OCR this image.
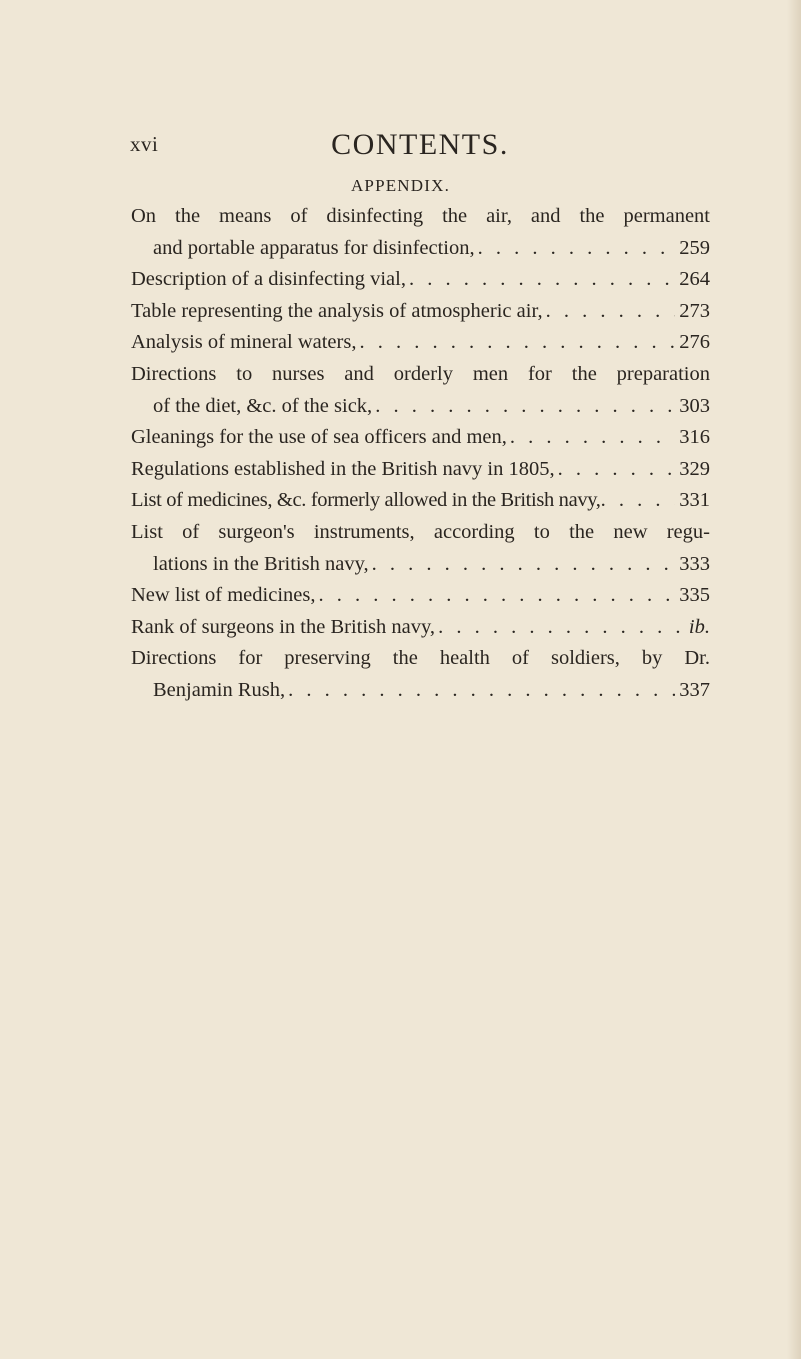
xvi	CONTENTS.
APPENDIX.
On the means of disinfecting the air, and the permanent
and portable apparatus for disinfection, . . .	259
Description of a disinfecting vial, . . .	264
Table representing the analysis of atmospheric air, . . .	273
Analysis of mineral waters, . . .	276
Directions to nurses and orderly men for the preparation
of the diet, &c. of the sick, . . .	303
Gleanings for the use of sea officers and men, . . .	316
Regulations established in the British navy in 1805, . . .	329
List of medicines, &c. formerly allowed in the British navy, . . .	331
List of surgeon's instruments, according to the new regu-
lations in the British navy, . . .	333
New list of medicines, . . .	335
Rank of surgeons in the British navy, . . .	ib.
Directions for preserving the health of soldiers, by Dr.
Benjamin Rush, . . .	337
